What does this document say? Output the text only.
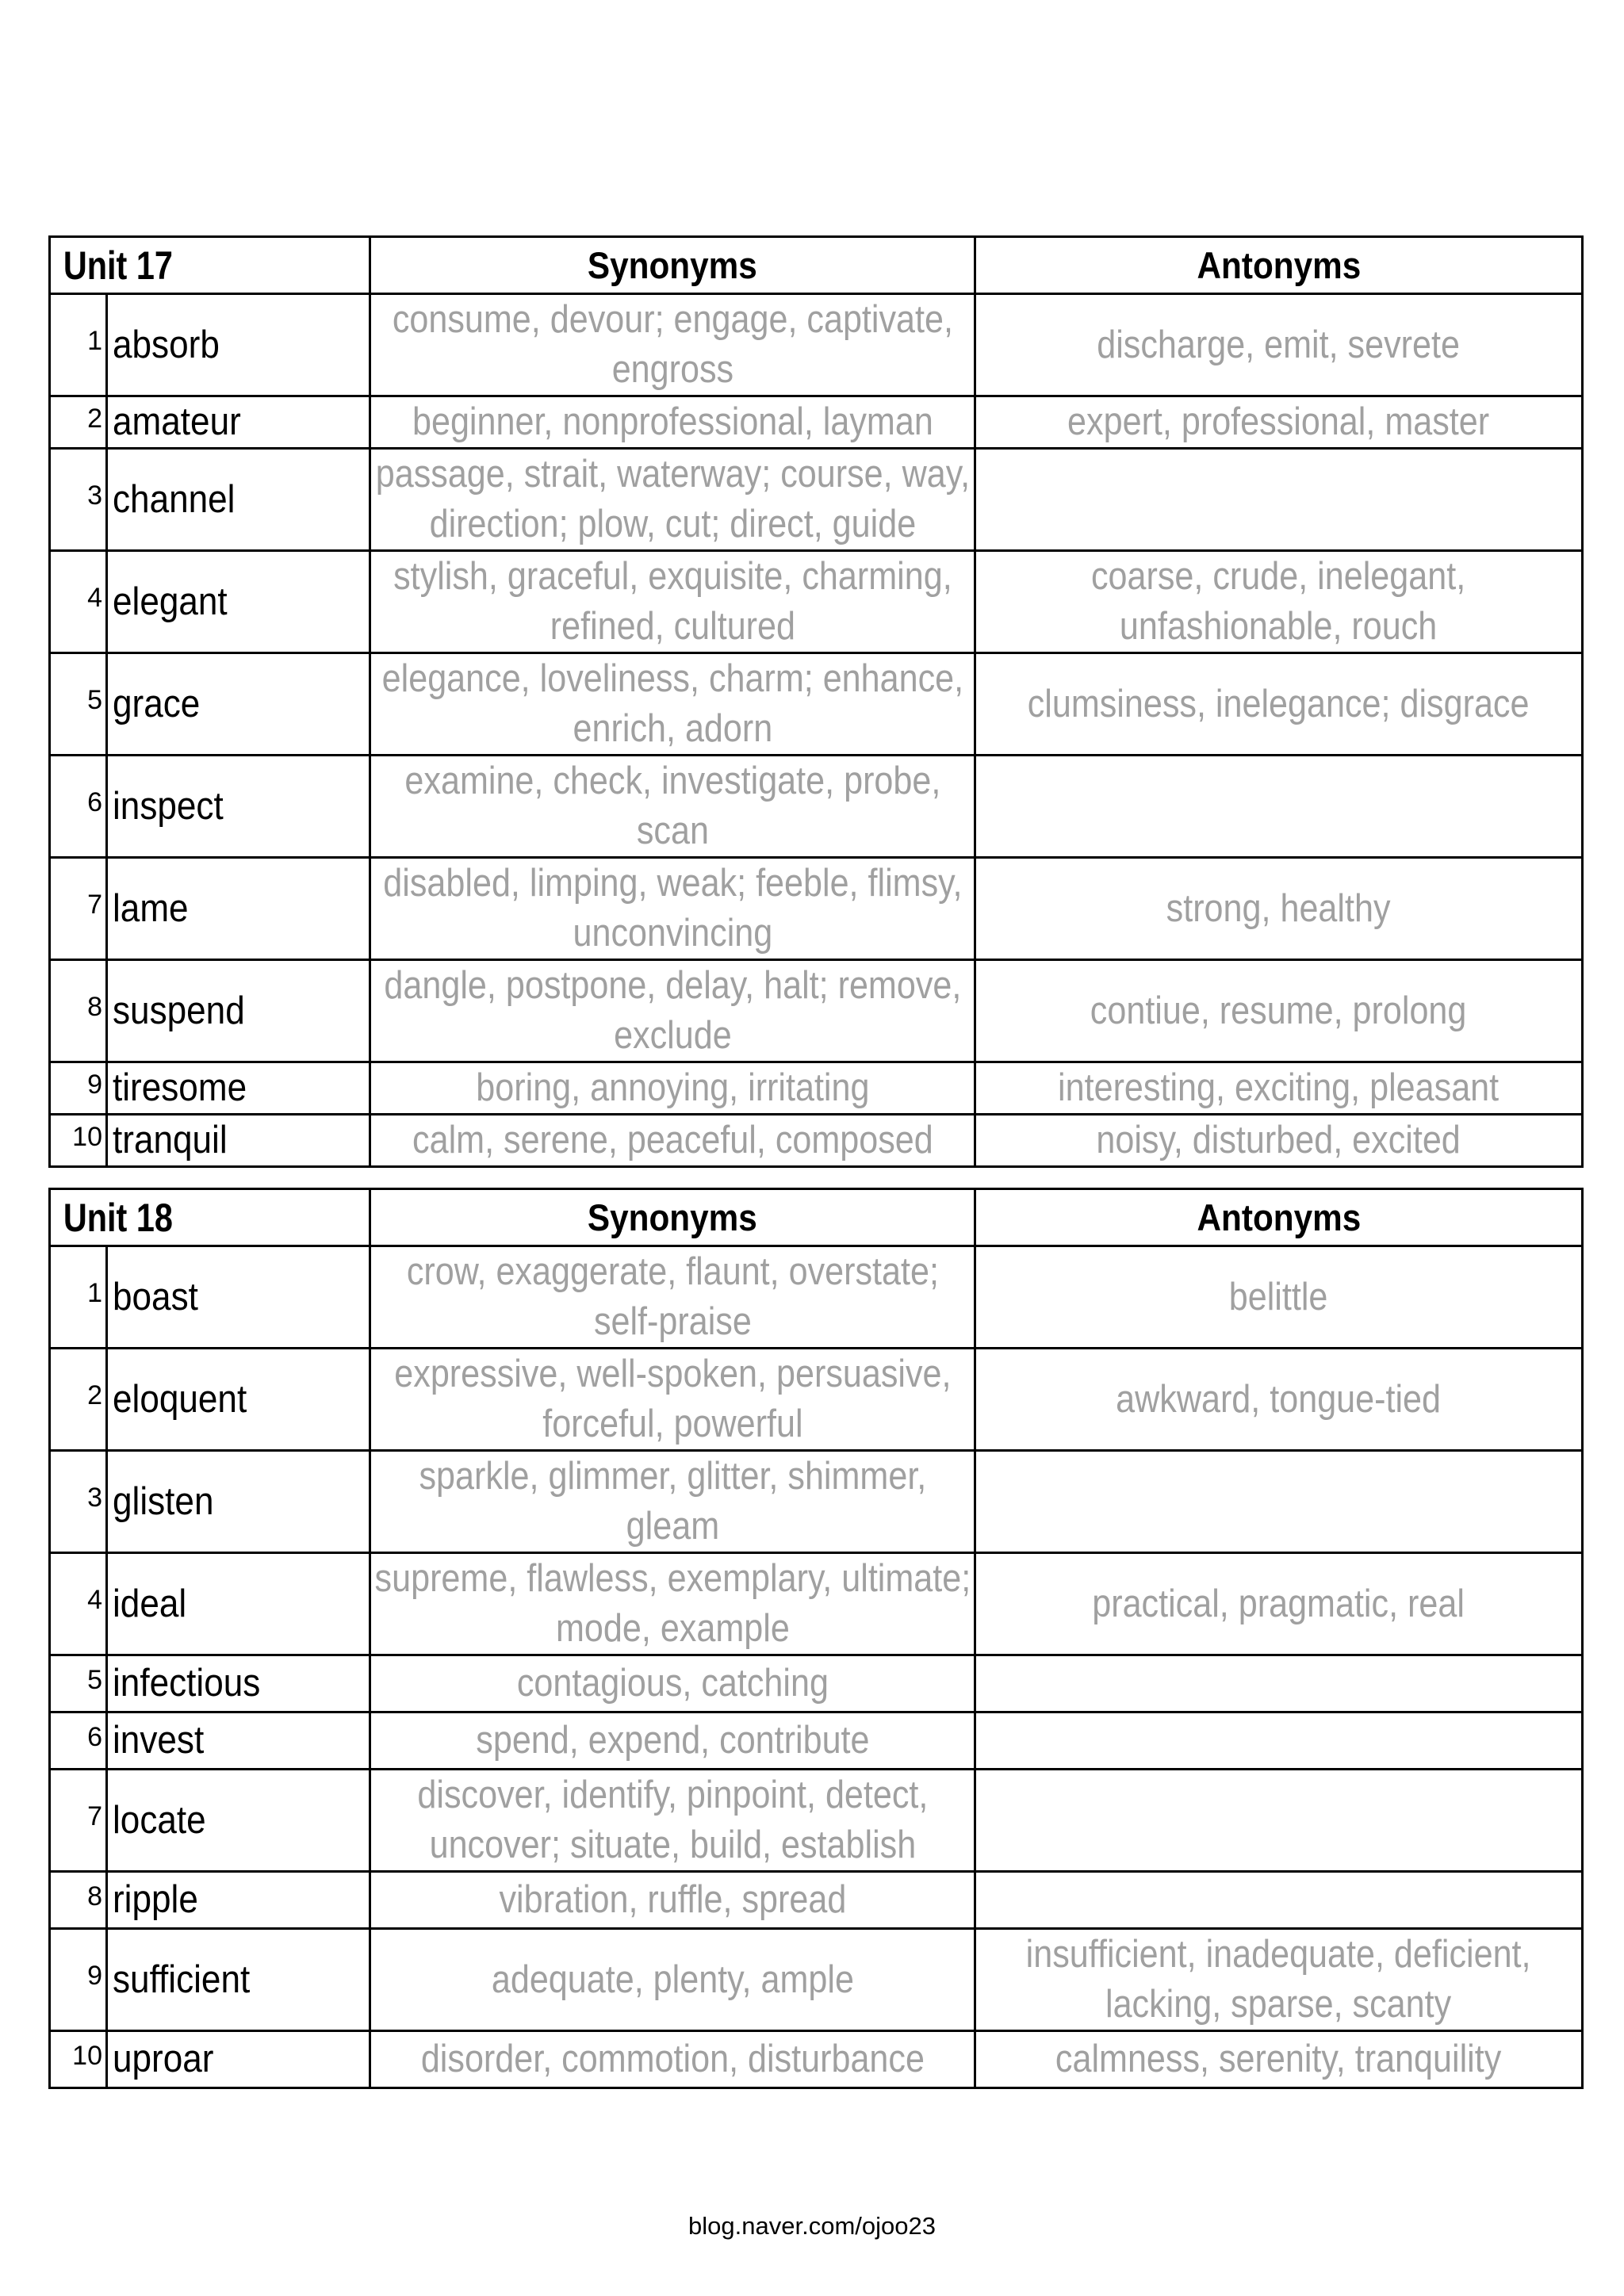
Unit 17		Synonyms	Antonyms
1	absorb	consume, devour; engage, captivate, engross	discharge, emit, sevrete
2	amateur	beginner, nonprofessional, layman	expert, professional, master
3	channel	passage, strait, waterway; course, way, direction; plow, cut; direct, guide	
4	elegant	stylish, graceful, exquisite, charming, refined, cultured	coarse, crude, inelegant, unfashionable, rouch
5	grace	elegance, loveliness, charm; enhance, enrich, adorn	clumsiness, inelegance; disgrace
6	inspect	examine, check, investigate, probe, scan	
7	lame	disabled, limping, weak; feeble, flimsy, unconvincing	strong, healthy
8	suspend	dangle, postpone, delay, halt; remove, exclude	contiue, resume, prolong
9	tiresome	boring, annoying, irritating	interesting, exciting, pleasant
10	tranquil	calm, serene, peaceful, composed	noisy, disturbed, excited
Unit 18		Synonyms	Antonyms
1	boast	crow, exaggerate, flaunt, overstate; self-praise	belittle
2	eloquent	expressive, well-spoken, persuasive, forceful, powerful	awkward, tongue-tied
3	glisten	sparkle, glimmer, glitter, shimmer, gleam	
4	ideal	supreme, flawless, exemplary, ultimate; mode, example	practical, pragmatic, real
5	infectious	contagious, catching	
6	invest	spend, expend, contribute	
7	locate	discover, identify, pinpoint, detect, uncover; situate, build, establish	
8	ripple	vibration, ruffle, spread	
9	sufficient	adequate, plenty, ample	insufficient, inadequate, deficient, lacking, sparse, scanty
10	uproar	disorder, commotion, disturbance	calmness, serenity, tranquility
blog.naver.com/ojoo23
